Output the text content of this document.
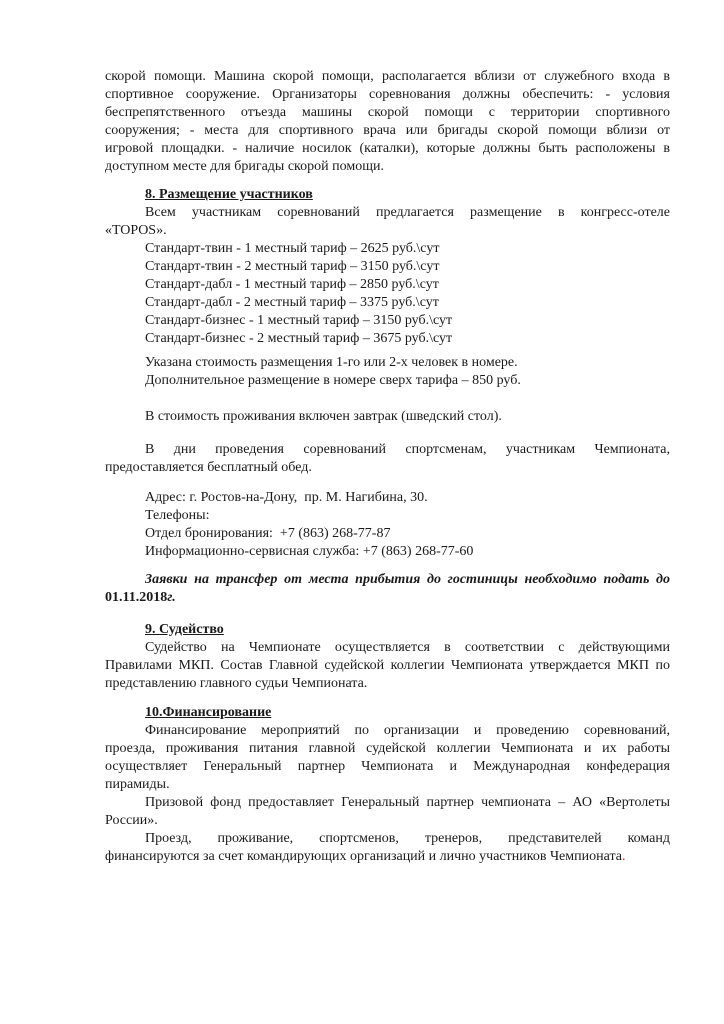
скорой помощи. Машина скорой помощи, располагается вблизи от служебного входа в
спортивное сооружение. Организаторы соревнования должны обеспечить: - условия
беспрепятственного отъезда машины скорой помощи с территории спортивного
сооружения; - места для спортивного врача или бригады скорой помощи вблизи от
игровой площадки. - наличие носилок (каталки), которые должны быть расположены в
доступном месте для бригады скорой помощи.
8. Размещение участников
Всем участникам соревнований предлагается размещение в конгресс-отеле
«TOPOS».
Стандарт-твин - 1 местный тариф – 2625 руб.\сут
Стандарт-твин - 2 местный тариф – 3150 руб.\сут
Стандарт-дабл - 1 местный тариф – 2850 руб.\сут
Стандарт-дабл - 2 местный тариф – 3375 руб.\сут
Стандарт-бизнес - 1 местный тариф – 3150 руб.\сут
Стандарт-бизнес - 2 местный тариф – 3675 руб.\сут
Указана стоимость размещения 1-го или 2-х человек в номере.
Дополнительное размещение в номере сверх тарифа – 850 руб.
В стоимость проживания включен завтрак (шведский стол).
В дни проведения соревнований спортсменам, участникам Чемпионата,
предоставляется бесплатный обед.
Адрес: г. Ростов-на-Дону,  пр. М. Нагибина, 30.
Телефоны:
Отдел бронирования:  +7 (863) 268-77-87
Информационно-сервисная служба: +7 (863) 268-77-60
Заявки на трансфер от места прибытия до гостиницы необходимо подать до
01.11.2018г.
9. Судейство
Судейство на Чемпионате осуществляется в соответствии с действующими
Правилами МКП. Состав Главной судейской коллегии Чемпионата утверждается МКП по
представлению главного судьи Чемпионата.
10.Финансирование
Финансирование мероприятий по организации и проведению соревнований,
проезда, проживания питания главной судейской коллегии Чемпионата и их работы
осуществляет Генеральный партнер Чемпионата и Международная конфедерация
пирамиды.
Призовой фонд предоставляет Генеральный партнер чемпионата – АО «Вертолеты
России».
Проезд, проживание, спортсменов, тренеров, представителей команд
финансируются за счет командирующих организаций и лично участников Чемпионата.
